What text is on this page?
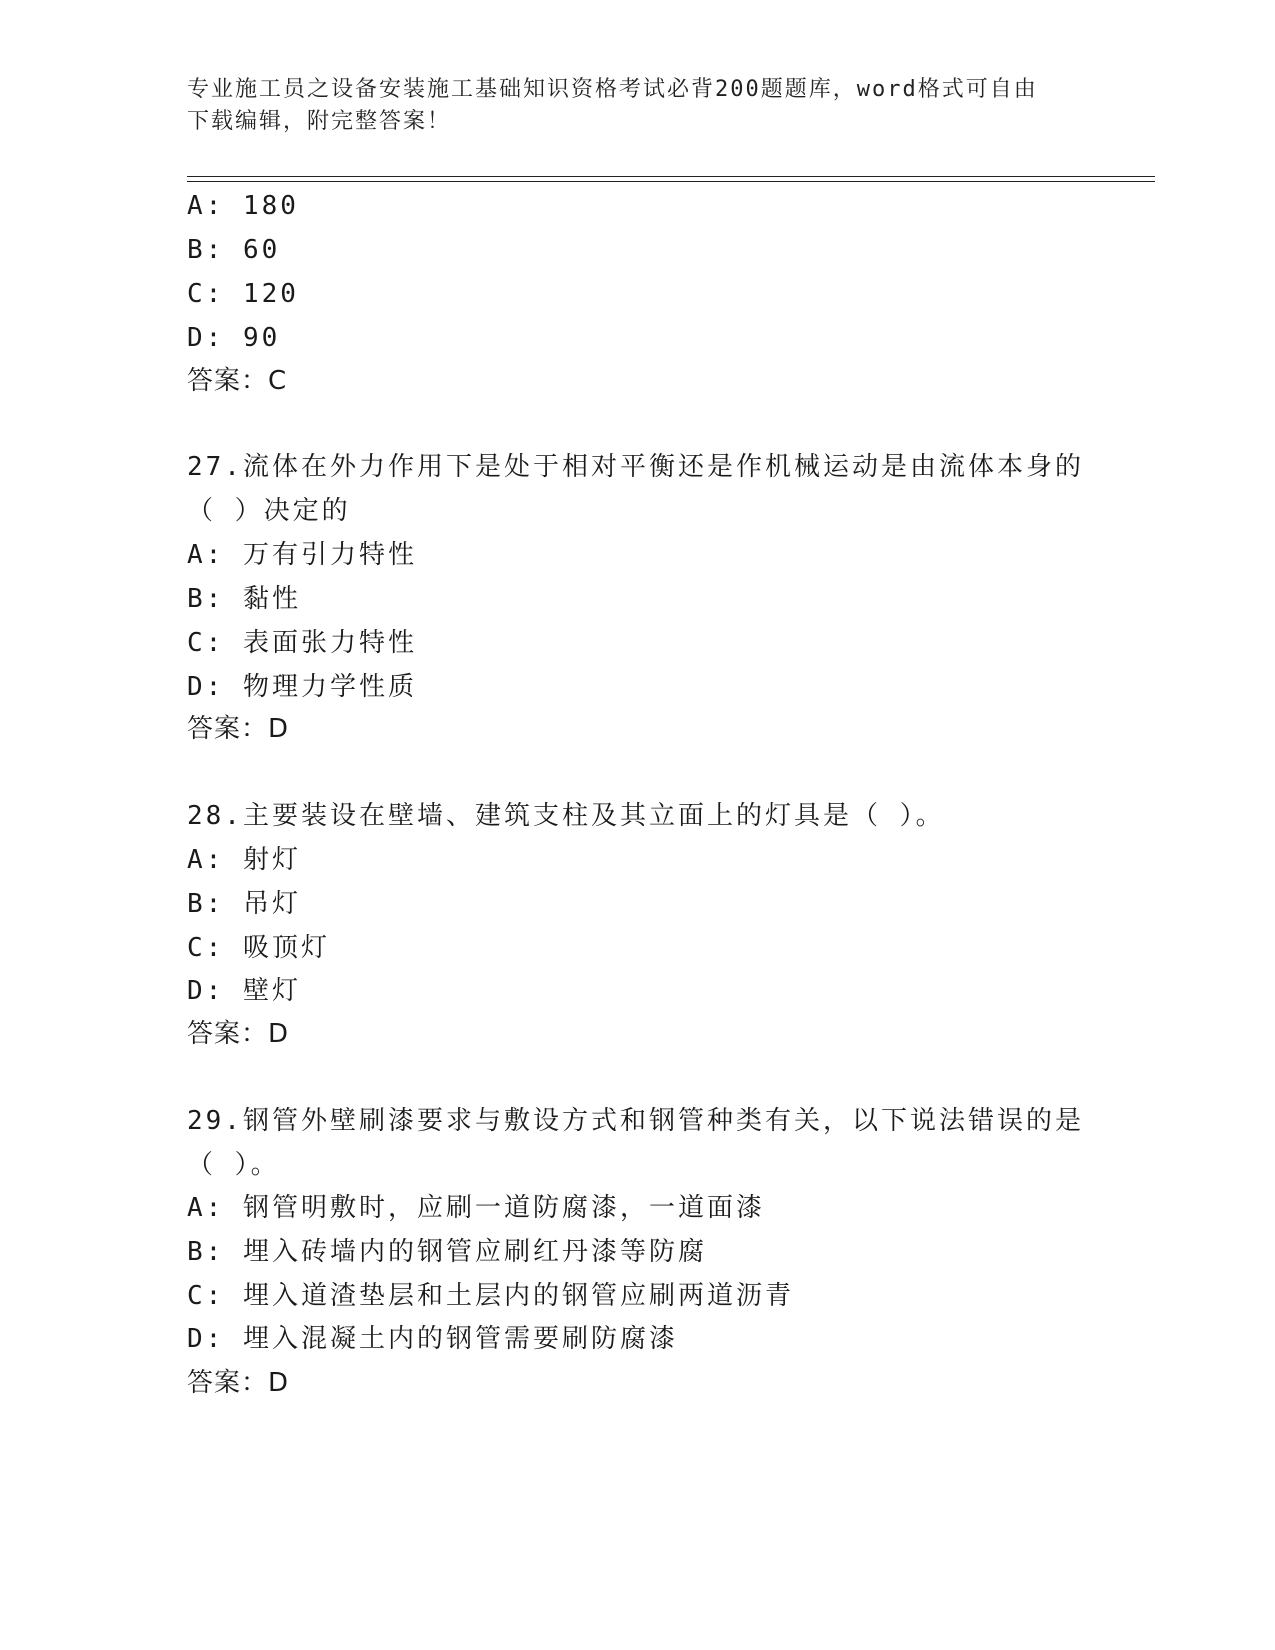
专业施工员之设备安装施工基础知识资格考试必背200题题库，word格式可自由
下载编辑，附完整答案！
A: 180
B: 60
C: 120
D: 90
答案：C
27.流体在外力作用下是处于相对平衡还是作机械运动是由流体本身的
（ ）决定的
A: 万有引力特性
B: 黏性
C: 表面张力特性
D: 物理力学性质
答案：D
28.主要装设在壁墙、建筑支柱及其立面上的灯具是（ ）。
A: 射灯
B: 吊灯
C: 吸顶灯
D: 壁灯
答案：D
29.钢管外壁刷漆要求与敷设方式和钢管种类有关，以下说法错误的是
（ ）。
A: 钢管明敷时，应刷一道防腐漆，一道面漆
B: 埋入砖墙内的钢管应刷红丹漆等防腐
C: 埋入道渣垫层和土层内的钢管应刷两道沥青
D: 埋入混凝土内的钢管需要刷防腐漆
答案：D
